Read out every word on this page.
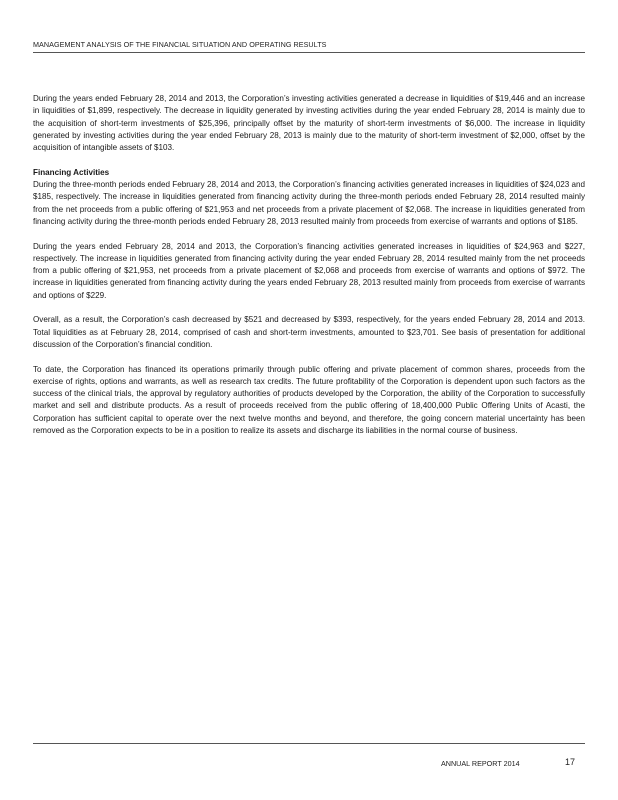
MANAGEMENT ANALYSIS OF THE FINANCIAL SITUATION AND OPERATING RESULTS

During the years ended February 28, 2014 and 2013, the Corporation’s investing activities generated a decrease in liquidities of $19,446 and an increase in liquidities of $1,899, respectively. The decrease in liquidity generated by investing activities during the year ended February 28, 2014 is mainly due to the acquisition of short-term investments of $25,396, principally offset by the maturity of short-term investments of $6,000. The increase in liquidity generated by investing activities during the year ended February 28, 2013 is mainly due to the maturity of short-term investment of $2,000, offset by the acquisition of intangible assets of $103.

Financing Activities

During the three-month periods ended February 28, 2014 and 2013, the Corporation’s financing activities generated increases in liquidities of $24,023 and $185, respectively. The increase in liquidities generated from financing activity during the three-month periods ended February 28, 2014 resulted mainly from the net proceeds from a public offering of $21,953 and net proceeds from a private placement of $2,068. The increase in liquidities generated from financing activity during the three-month periods ended February 28, 2013 resulted mainly from proceeds from exercise of warrants and options of $185.

During the years ended February 28, 2014 and 2013, the Corporation’s financing activities generated increases in liquidities of $24,963 and $227, respectively. The increase in liquidities generated from financing activity during the year ended February 28, 2014 resulted mainly from the net proceeds from a public offering of $21,953, net proceeds from a private placement of $2,068 and proceeds from exercise of warrants and options of $972. The increase in liquidities generated from financing activity during the years ended February 28, 2013 resulted mainly from proceeds from exercise of warrants and options of $229.

Overall, as a result, the Corporation’s cash decreased by $521 and decreased by $393, respectively, for the years ended February 28, 2014 and 2013. Total liquidities as at February 28, 2014, comprised of cash and short-term investments, amounted to $23,701. See basis of presentation for additional discussion of the Corporation’s financial condition.

To date, the Corporation has financed its operations primarily through public offering and private placement of common shares, proceeds from the exercise of rights, options and warrants, as well as research tax credits. The future profitability of the Corporation is dependent upon such factors as the success of the clinical trials, the approval by regulatory authorities of products developed by the Corporation, the ability of the Corporation to successfully market and sell and distribute products. As a result of proceeds received from the public offering of 18,400,000 Public Offering Units of Acasti, the Corporation has sufficient capital to operate over the next twelve months and beyond, and therefore, the going concern material uncertainty has been removed as the Corporation expects to be in a position to realize its assets and discharge its liabilities in the normal course of business.

ANNUAL REPORT 2014	17
